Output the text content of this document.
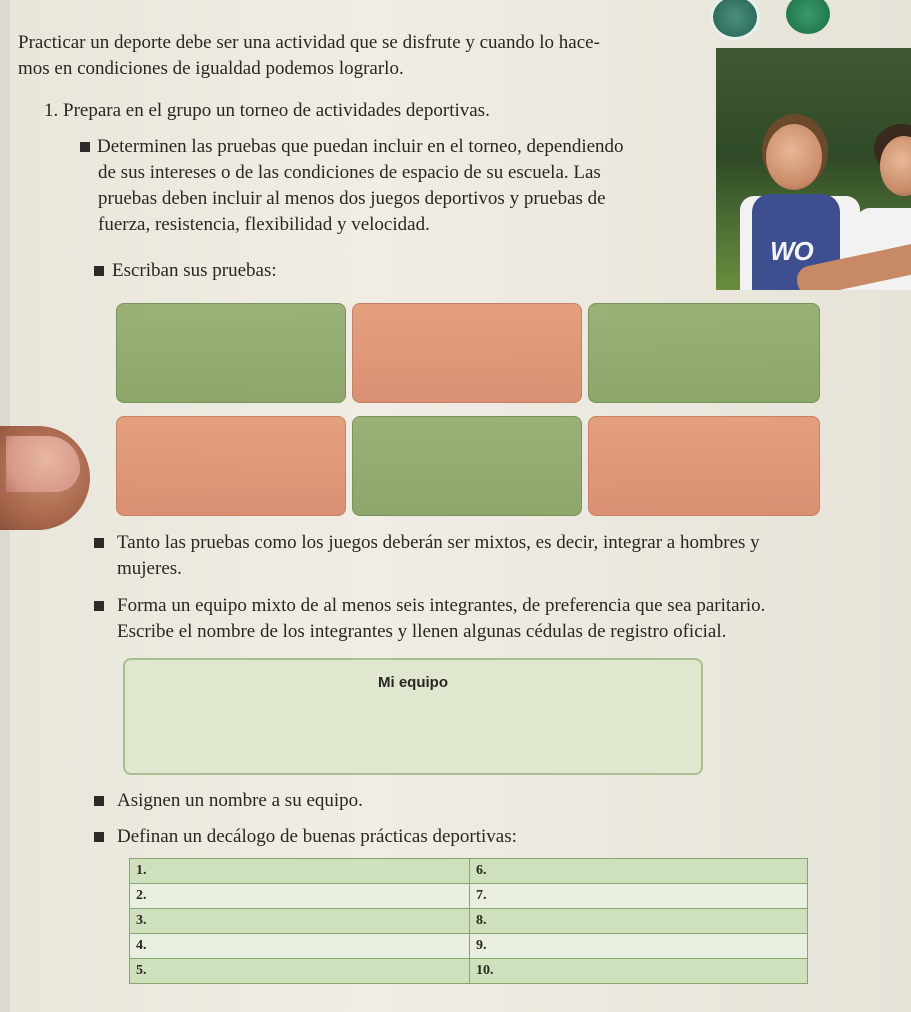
Practicar un deporte debe ser una actividad que se disfrute y cuando lo hace-

mos en condiciones de igualdad podemos lograrlo.

1. Prepara en el grupo un torneo de actividades deportivas.

Determinen las pruebas que puedan incluir en el torneo, dependiendo
de sus intereses o de las condiciones de espacio de su escuela. Las
pruebas deben incluir al menos dos juegos deportivos y pruebas de
fuerza, resistencia, flexibilidad y velocidad.
Escriban sus pruebas:
WO
Tanto las pruebas como los juegos deberán ser mixtos, es decir, integrar a hombres y
mujeres.
Forma un equipo mixto de al menos seis integrantes, de preferencia que sea paritario.
Escribe el nombre de los integrantes y llenen algunas cédulas de registro oficial.
Mi equipo
Asignen un nombre a su equipo.
Definan un decálogo de buenas prácticas deportivas:
1.	6.
2.	7.
3.	8.
4.	9.
5.	10.
